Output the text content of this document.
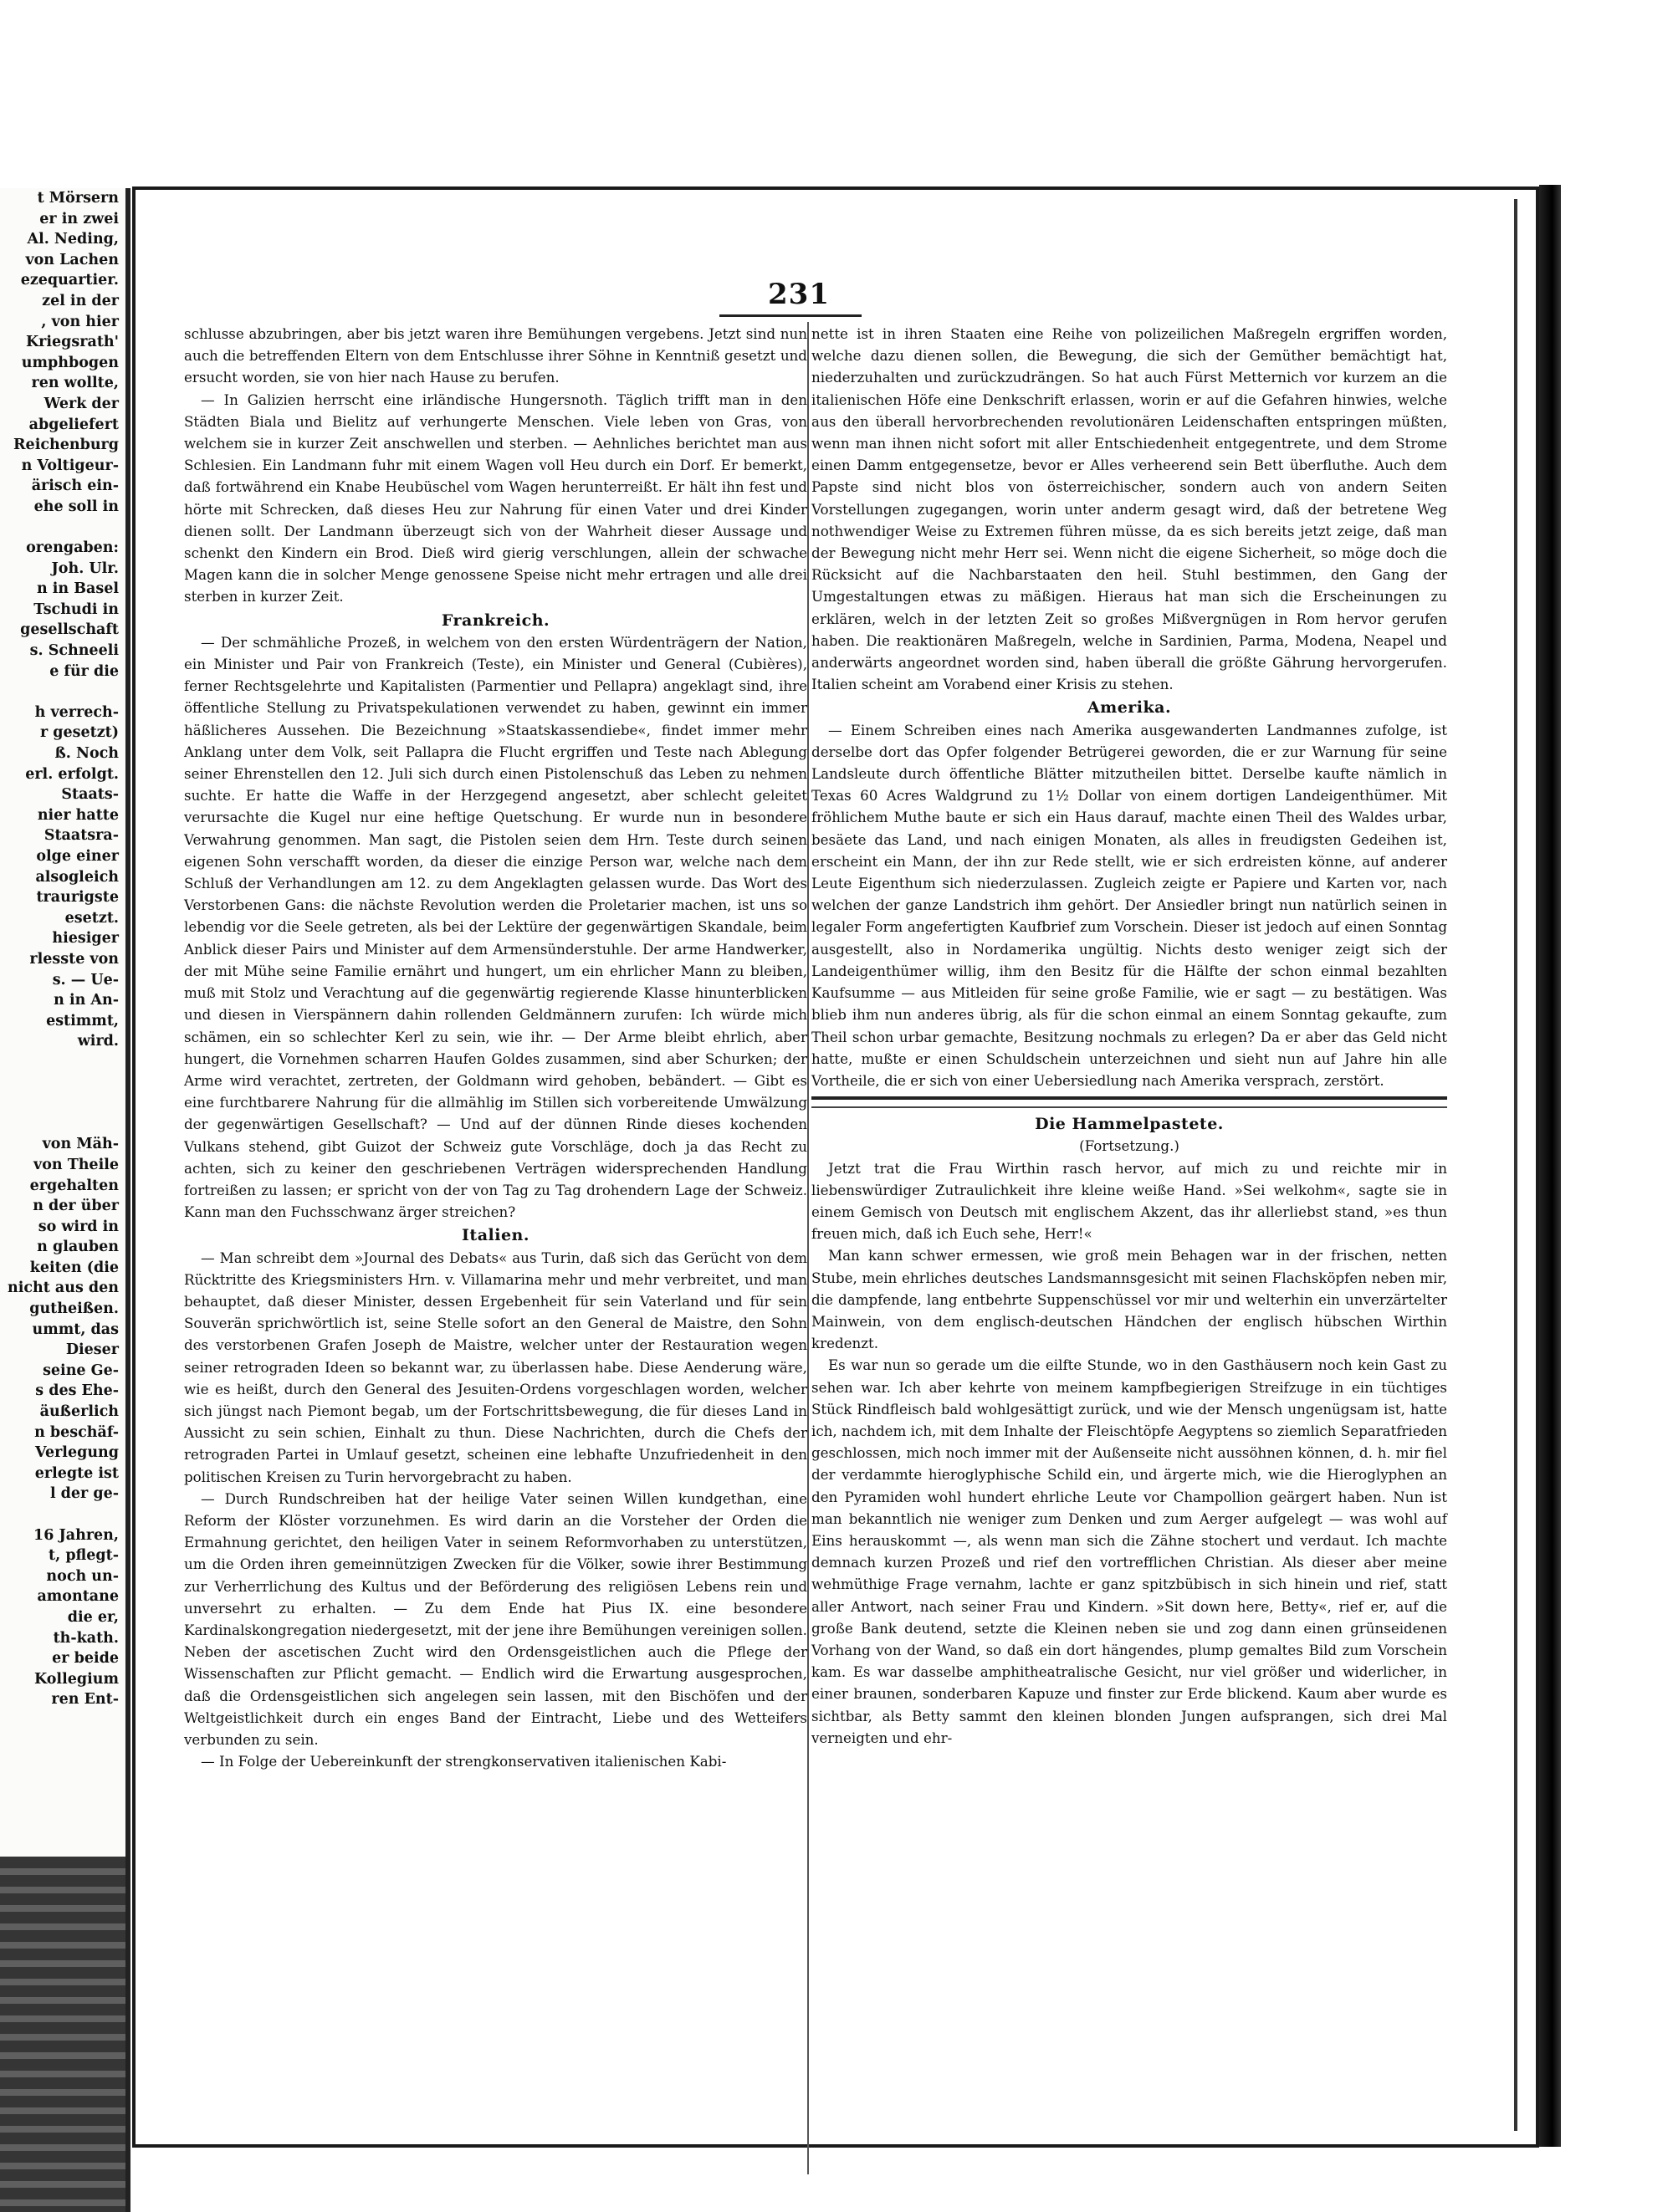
t Mörsern
er in zwei
Al. Neding,
von Lachen
ezequartier.
zel in der
, von hier
Kriegsrath'
umphbogen
ren wollte,
Werk der
abgeliefert
Reichenburg
n Voltigeur-
ärisch ein-
ehe soll in

orengaben:
Joh. Ulr.
n in Basel
Tschudi in
gesellschaft
s. Schneeli
e für die

h verrech-
r gesetzt)
ß. Noch
erl. erfolgt.
Staats-
nier hatte
Staatsra-
olge einer
alsogleich
traurigste
esetzt.
hiesiger
rlesste von
s. — Ue-
n in An-
estimmt,
wird.

von Mäh-
von Theile
ergehalten
n der über
so wird in
n glauben
keiten (die
nicht aus den
gutheißen.
ummt, das
Dieser
seine Ge-
s des Ehe-
äußerlich
n beschäf-
Verlegung
erlegte ist
l der ge-

16 Jahren,
t, pflegt-
noch un-
amontane
die er,
th-kath.
er beide
Kollegium
ren Ent-
231

schlusse abzubringen, aber bis jetzt waren ihre Bemühungen vergebens. Jetzt sind nun auch die betreffenden Eltern von dem Entschlusse ihrer Söhne in Kenntniß gesetzt und ersucht worden, sie von hier nach Hause zu berufen.

— In Galizien herrscht eine irländische Hungersnoth. Täglich trifft man in den Städten Biala und Bielitz auf verhungerte Menschen. Viele leben von Gras, von welchem sie in kurzer Zeit anschwellen und sterben. — Aehnliches berichtet man aus Schlesien. Ein Landmann fuhr mit einem Wagen voll Heu durch ein Dorf. Er bemerkt, daß fortwährend ein Knabe Heubüschel vom Wagen herunterreißt. Er hält ihn fest und hörte mit Schrecken, daß dieses Heu zur Nahrung für einen Vater und drei Kinder dienen sollt. Der Landmann überzeugt sich von der Wahrheit dieser Aussage und schenkt den Kindern ein Brod. Dieß wird gierig verschlungen, allein der schwache Magen kann die in solcher Menge genossene Speise nicht mehr ertragen und alle drei sterben in kurzer Zeit.

Frankreich.

— Der schmähliche Prozeß, in welchem von den ersten Würdenträgern der Nation, ein Minister und Pair von Frankreich (Teste), ein Minister und General (Cubières), ferner Rechtsgelehrte und Kapitalisten (Parmentier und Pellapra) angeklagt sind, ihre öffentliche Stellung zu Privatspekulationen verwendet zu haben, gewinnt ein immer häßlicheres Aussehen. Die Bezeichnung »Staatskassendiebe«, findet immer mehr Anklang unter dem Volk, seit Pallapra die Flucht ergriffen und Teste nach Ablegung seiner Ehrenstellen den 12. Juli sich durch einen Pistolenschuß das Leben zu nehmen suchte. Er hatte die Waffe in der Herzgegend angesetzt, aber schlecht geleitet verursachte die Kugel nur eine heftige Quetschung. Er wurde nun in besondere Verwahrung genommen. Man sagt, die Pistolen seien dem Hrn. Teste durch seinen eigenen Sohn verschafft worden, da dieser die einzige Person war, welche nach dem Schluß der Verhandlungen am 12. zu dem Angeklagten gelassen wurde. Das Wort des Verstorbenen Gans: die nächste Revolution werden die Proletarier machen, ist uns so lebendig vor die Seele getreten, als bei der Lektüre der gegenwärtigen Skandale, beim Anblick dieser Pairs und Minister auf dem Armensünderstuhle. Der arme Handwerker, der mit Mühe seine Familie ernährt und hungert, um ein ehrlicher Mann zu bleiben, muß mit Stolz und Verachtung auf die gegenwärtig regierende Klasse hinunterblicken und diesen in Vierspännern dahin rollenden Geldmännern zurufen: Ich würde mich schämen, ein so schlechter Kerl zu sein, wie ihr. — Der Arme bleibt ehrlich, aber hungert, die Vornehmen scharren Haufen Goldes zusammen, sind aber Schurken; der Arme wird verachtet, zertreten, der Goldmann wird gehoben, bebändert. — Gibt es eine furchtbarere Nahrung für die allmählig im Stillen sich vorbereitende Umwälzung der gegenwärtigen Gesellschaft? — Und auf der dünnen Rinde dieses kochenden Vulkans stehend, gibt Guizot der Schweiz gute Vorschläge, doch ja das Recht zu achten, sich zu keiner den geschriebenen Verträgen widersprechenden Handlung fortreißen zu lassen; er spricht von der von Tag zu Tag drohendern Lage der Schweiz. Kann man den Fuchsschwanz ärger streichen?

Italien.

— Man schreibt dem »Journal des Debats« aus Turin, daß sich das Gerücht von dem Rücktritte des Kriegsministers Hrn. v. Villamarina mehr und mehr verbreitet, und man behauptet, daß dieser Minister, dessen Ergebenheit für sein Vaterland und für sein Souverän sprichwörtlich ist, seine Stelle sofort an den General de Maistre, den Sohn des verstorbenen Grafen Joseph de Maistre, welcher unter der Restauration wegen seiner retrograden Ideen so bekannt war, zu überlassen habe. Diese Aenderung wäre, wie es heißt, durch den General des Jesuiten-Ordens vorgeschlagen worden, welcher sich jüngst nach Piemont begab, um der Fortschrittsbewegung, die für dieses Land in Aussicht zu sein schien, Einhalt zu thun. Diese Nachrichten, durch die Chefs der retrograden Partei in Umlauf gesetzt, scheinen eine lebhafte Unzufriedenheit in den politischen Kreisen zu Turin hervorgebracht zu haben.

— Durch Rundschreiben hat der heilige Vater seinen Willen kundgethan, eine Reform der Klöster vorzunehmen. Es wird darin an die Vorsteher der Orden die Ermahnung gerichtet, den heiligen Vater in seinem Reformvorhaben zu unterstützen, um die Orden ihren gemeinnützigen Zwecken für die Völker, sowie ihrer Bestimmung zur Verherrlichung des Kultus und der Beförderung des religiösen Lebens rein und unversehrt zu erhalten. — Zu dem Ende hat Pius IX. eine besondere Kardinalskongregation niedergesetzt, mit der jene ihre Bemühungen vereinigen sollen. Neben der ascetischen Zucht wird den Ordensgeistlichen auch die Pflege der Wissenschaften zur Pflicht gemacht. — Endlich wird die Erwartung ausgesprochen, daß die Ordensgeistlichen sich angelegen sein lassen, mit den Bischöfen und der Weltgeistlichkeit durch ein enges Band der Eintracht, Liebe und des Wetteifers verbunden zu sein.

— In Folge der Uebereinkunft der strengkonservativen italienischen Kabi-

nette ist in ihren Staaten eine Reihe von polizeilichen Maßregeln ergriffen worden, welche dazu dienen sollen, die Bewegung, die sich der Gemüther bemächtigt hat, niederzuhalten und zurückzudrängen. So hat auch Fürst Metternich vor kurzem an die italienischen Höfe eine Denkschrift erlassen, worin er auf die Gefahren hinwies, welche aus den überall hervorbrechenden revolutionären Leidenschaften entspringen müßten, wenn man ihnen nicht sofort mit aller Entschiedenheit entgegentrete, und dem Strome einen Damm entgegensetze, bevor er Alles verheerend sein Bett überfluthe. Auch dem Papste sind nicht blos von österreichischer, sondern auch von andern Seiten Vorstellungen zugegangen, worin unter anderm gesagt wird, daß der betretene Weg nothwendiger Weise zu Extremen führen müsse, da es sich bereits jetzt zeige, daß man der Bewegung nicht mehr Herr sei. Wenn nicht die eigene Sicherheit, so möge doch die Rücksicht auf die Nachbarstaaten den heil. Stuhl bestimmen, den Gang der Umgestaltungen etwas zu mäßigen. Hieraus hat man sich die Erscheinungen zu erklären, welch in der letzten Zeit so großes Mißvergnügen in Rom hervor gerufen haben. Die reaktionären Maßregeln, welche in Sardinien, Parma, Modena, Neapel und anderwärts angeordnet worden sind, haben überall die größte Gährung hervorgerufen. Italien scheint am Vorabend einer Krisis zu stehen.

Amerika.

— Einem Schreiben eines nach Amerika ausgewanderten Landmannes zufolge, ist derselbe dort das Opfer folgender Betrügerei geworden, die er zur Warnung für seine Landsleute durch öffentliche Blätter mitzutheilen bittet. Derselbe kaufte nämlich in Texas 60 Acres Waldgrund zu 1½ Dollar von einem dortigen Landeigenthümer. Mit fröhlichem Muthe baute er sich ein Haus darauf, machte einen Theil des Waldes urbar, besäete das Land, und nach einigen Monaten, als alles in freudigsten Gedeihen ist, erscheint ein Mann, der ihn zur Rede stellt, wie er sich erdreisten könne, auf anderer Leute Eigenthum sich niederzulassen. Zugleich zeigte er Papiere und Karten vor, nach welchen der ganze Landstrich ihm gehört. Der Ansiedler bringt nun natürlich seinen in legaler Form angefertigten Kaufbrief zum Vorschein. Dieser ist jedoch auf einen Sonntag ausgestellt, also in Nordamerika ungültig. Nichts desto weniger zeigt sich der Landeigenthümer willig, ihm den Besitz für die Hälfte der schon einmal bezahlten Kaufsumme — aus Mitleiden für seine große Familie, wie er sagt — zu bestätigen. Was blieb ihm nun anderes übrig, als für die schon einmal an einem Sonntag gekaufte, zum Theil schon urbar gemachte, Besitzung nochmals zu erlegen? Da er aber das Geld nicht hatte, mußte er einen Schuldschein unterzeichnen und sieht nun auf Jahre hin alle Vortheile, die er sich von einer Uebersiedlung nach Amerika versprach, zerstört.

Die Hammelpastete.
(Fortsetzung.)

Jetzt trat die Frau Wirthin rasch hervor, auf mich zu und reichte mir in liebenswürdiger Zutraulichkeit ihre kleine weiße Hand. »Sei welkohm«, sagte sie in einem Gemisch von Deutsch mit englischem Akzent, das ihr allerliebst stand, »es thun freuen mich, daß ich Euch sehe, Herr!«

Man kann schwer ermessen, wie groß mein Behagen war in der frischen, netten Stube, mein ehrliches deutsches Landsmannsgesicht mit seinen Flachsköpfen neben mir, die dampfende, lang entbehrte Suppenschüssel vor mir und welterhin ein unverzärtelter Mainwein, von dem englisch-deutschen Händchen der englisch hübschen Wirthin kredenzt.

Es war nun so gerade um die eilfte Stunde, wo in den Gasthäusern noch kein Gast zu sehen war. Ich aber kehrte von meinem kampfbegierigen Streifzuge in ein tüchtiges Stück Rindfleisch bald wohlgesättigt zurück, und wie der Mensch ungenügsam ist, hatte ich, nachdem ich, mit dem Inhalte der Fleischtöpfe Aegyptens so ziemlich Separatfrieden geschlossen, mich noch immer mit der Außenseite nicht aussöhnen können, d. h. mir fiel der verdammte hieroglyphische Schild ein, und ärgerte mich, wie die Hieroglyphen an den Pyramiden wohl hundert ehrliche Leute vor Champollion geärgert haben. Nun ist man bekanntlich nie weniger zum Denken und zum Aerger aufgelegt — was wohl auf Eins herauskommt —, als wenn man sich die Zähne stochert und verdaut. Ich machte demnach kurzen Prozeß und rief den vortrefflichen Christian. Als dieser aber meine wehmüthige Frage vernahm, lachte er ganz spitzbübisch in sich hinein und rief, statt aller Antwort, nach seiner Frau und Kindern. »Sit down here, Betty«, rief er, auf die große Bank deutend, setzte die Kleinen neben sie und zog dann einen grünseidenen Vorhang von der Wand, so daß ein dort hängendes, plump gemaltes Bild zum Vorschein kam. Es war dasselbe amphitheatralische Gesicht, nur viel größer und widerlicher, in einer braunen, sonderbaren Kapuze und finster zur Erde blickend. Kaum aber wurde es sichtbar, als Betty sammt den kleinen blonden Jungen aufsprangen, sich drei Mal verneigten und ehr-
